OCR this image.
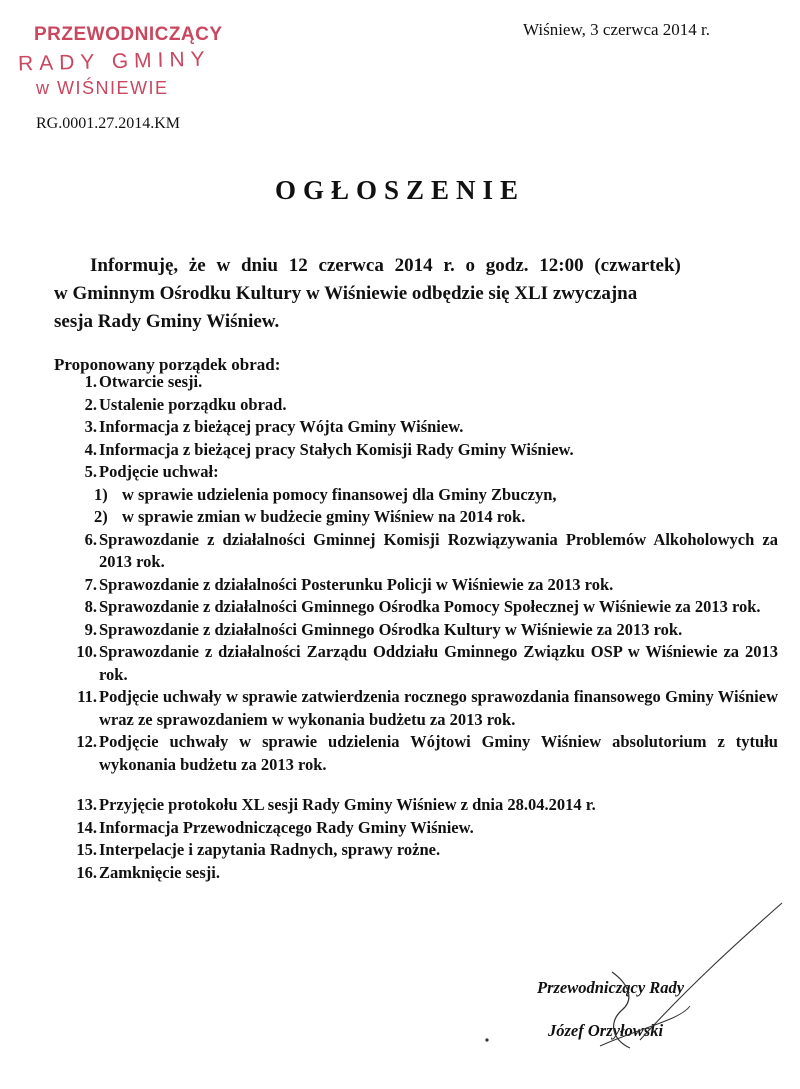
PRZEWODNICZĄCY
RADY GMINY
w WIŚNIEWIE
Wiśniew, 3 czerwca 2014 r.
RG.0001.27.2014.KM
OGŁOSZENIE
Informuję, że w dniu 12 czerwca 2014 r. o godz. 12:00 (czwartek)
w Gminnym Ośrodku Kultury w Wiśniewie odbędzie się XLI zwyczajna
sesja Rady Gminy Wiśniew.
Proponowany porządek obrad:
1. Otwarcie sesji.
2. Ustalenie porządku obrad.
3. Informacja z bieżącej pracy Wójta Gminy Wiśniew.
4. Informacja z bieżącej pracy Stałych Komisji Rady Gminy Wiśniew.
5. Podjęcie uchwał:
1) w sprawie udzielenia pomocy finansowej dla Gminy Zbuczyn,
2) w sprawie zmian w budżecie gminy Wiśniew na 2014 rok.
6. Sprawozdanie z działalności Gminnej Komisji Rozwiązywania Problemów Alkoholowych za 2013 rok.
7. Sprawozdanie z działalności Posterunku Policji w Wiśniewie za 2013 rok.
8. Sprawozdanie z działalności Gminnego Ośrodka Pomocy Społecznej w Wiśniewie za 2013 rok.
9. Sprawozdanie z działalności Gminnego Ośrodka Kultury w Wiśniewie za 2013 rok.
10. Sprawozdanie z działalności Zarządu Oddziału Gminnego Związku OSP w Wiśniewie za 2013 rok.
11. Podjęcie uchwały w sprawie zatwierdzenia rocznego sprawozdania finansowego Gminy Wiśniew wraz ze sprawozdaniem w wykonania budżetu za 2013 rok.
12. Podjęcie uchwały w sprawie udzielenia Wójtowi Gminy Wiśniew absolutorium z tytułu wykonania budżetu za 2013 rok.
13. Przyjęcie protokołu XL sesji Rady Gminy Wiśniew z dnia 28.04.2014 r.
14. Informacja Przewodniczącego Rady Gminy Wiśniew.
15. Interpelacje i zapytania Radnych, sprawy rożne.
16. Zamknięcie sesji.
Przewodniczący Rady
Józef Orzyłowski
